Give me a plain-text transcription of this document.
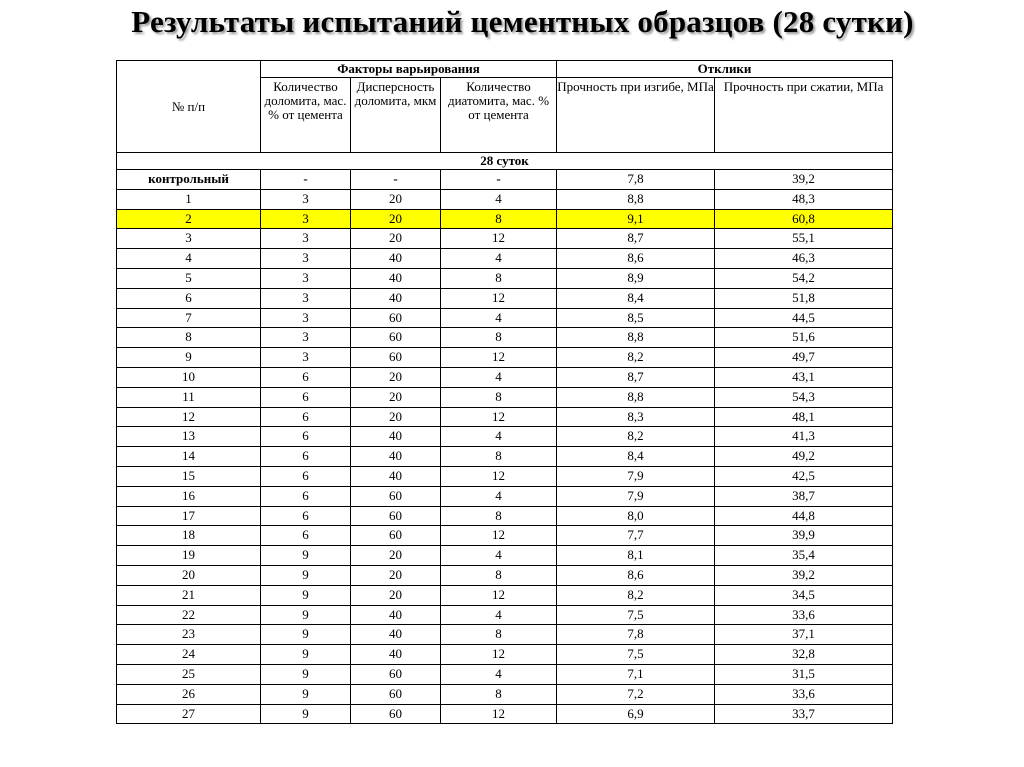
Результаты испытаний цементных образцов (28 сутки)
№ п/п	Факторы варьирования			Отклики	
	Количество доломита, мас. % от цемента	Дисперсность доломита, мкм	Количество диатомита, мас. % от цемента	Прочность при изгибе, МПа	Прочность при сжатии, МПа
28 суток					
контрольный	-	-	-	7,8	39,2
1	3	20	4	8,8	48,3
2	3	20	8	9,1	60,8
3	3	20	12	8,7	55,1
4	3	40	4	8,6	46,3
5	3	40	8	8,9	54,2
6	3	40	12	8,4	51,8
7	3	60	4	8,5	44,5
8	3	60	8	8,8	51,6
9	3	60	12	8,2	49,7
10	6	20	4	8,7	43,1
11	6	20	8	8,8	54,3
12	6	20	12	8,3	48,1
13	6	40	4	8,2	41,3
14	6	40	8	8,4	49,2
15	6	40	12	7,9	42,5
16	6	60	4	7,9	38,7
17	6	60	8	8,0	44,8
18	6	60	12	7,7	39,9
19	9	20	4	8,1	35,4
20	9	20	8	8,6	39,2
21	9	20	12	8,2	34,5
22	9	40	4	7,5	33,6
23	9	40	8	7,8	37,1
24	9	40	12	7,5	32,8
25	9	60	4	7,1	31,5
26	9	60	8	7,2	33,6
27	9	60	12	6,9	33,7
